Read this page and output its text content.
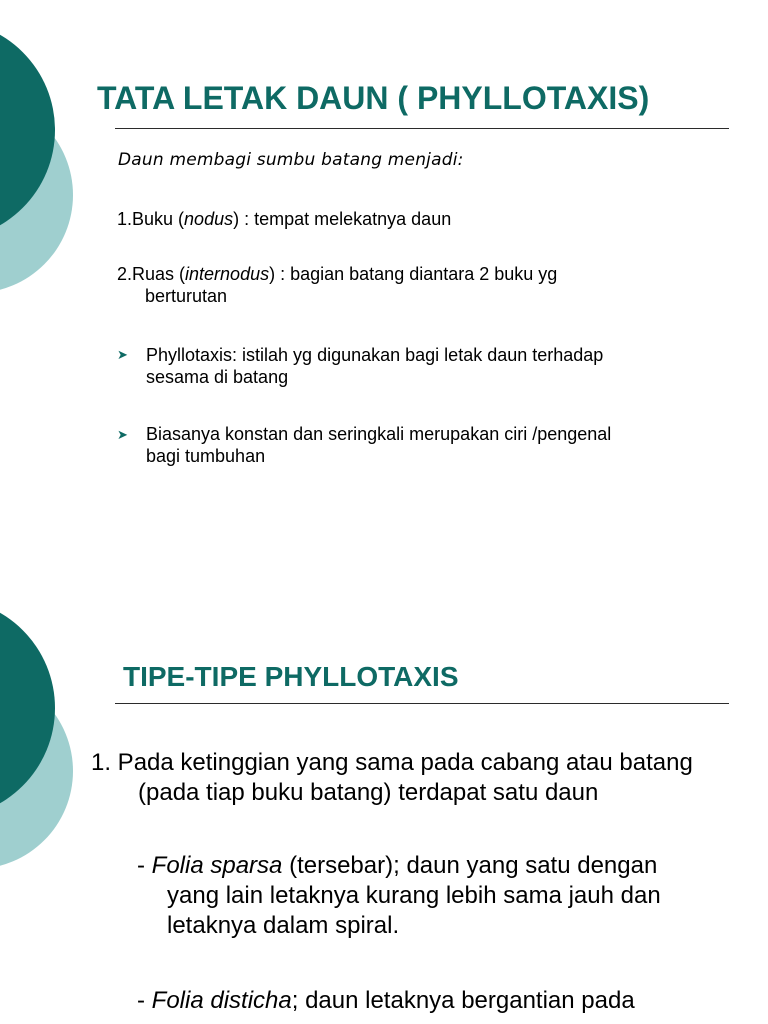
TATA LETAK DAUN ( PHYLLOTAXIS)
Daun membagi sumbu batang menjadi:
1.Buku (nodus) : tempat melekatnya daun
2.Ruas (internodus) : bagian batang diantara 2 buku yg
berturutan
➤ Phyllotaxis: istilah yg digunakan bagi letak daun terhadap
sesama di batang
➤ Biasanya konstan dan seringkali merupakan ciri /pengenal
bagi tumbuhan
TIPE-TIPE PHYLLOTAXIS
1. Pada ketinggian yang sama pada cabang atau batang
(pada tiap buku batang) terdapat satu daun
- Folia sparsa (tersebar); daun yang satu dengan
yang lain letaknya kurang lebih sama jauh dan
letaknya dalam spiral.
- Folia disticha; daun letaknya bergantian pada
